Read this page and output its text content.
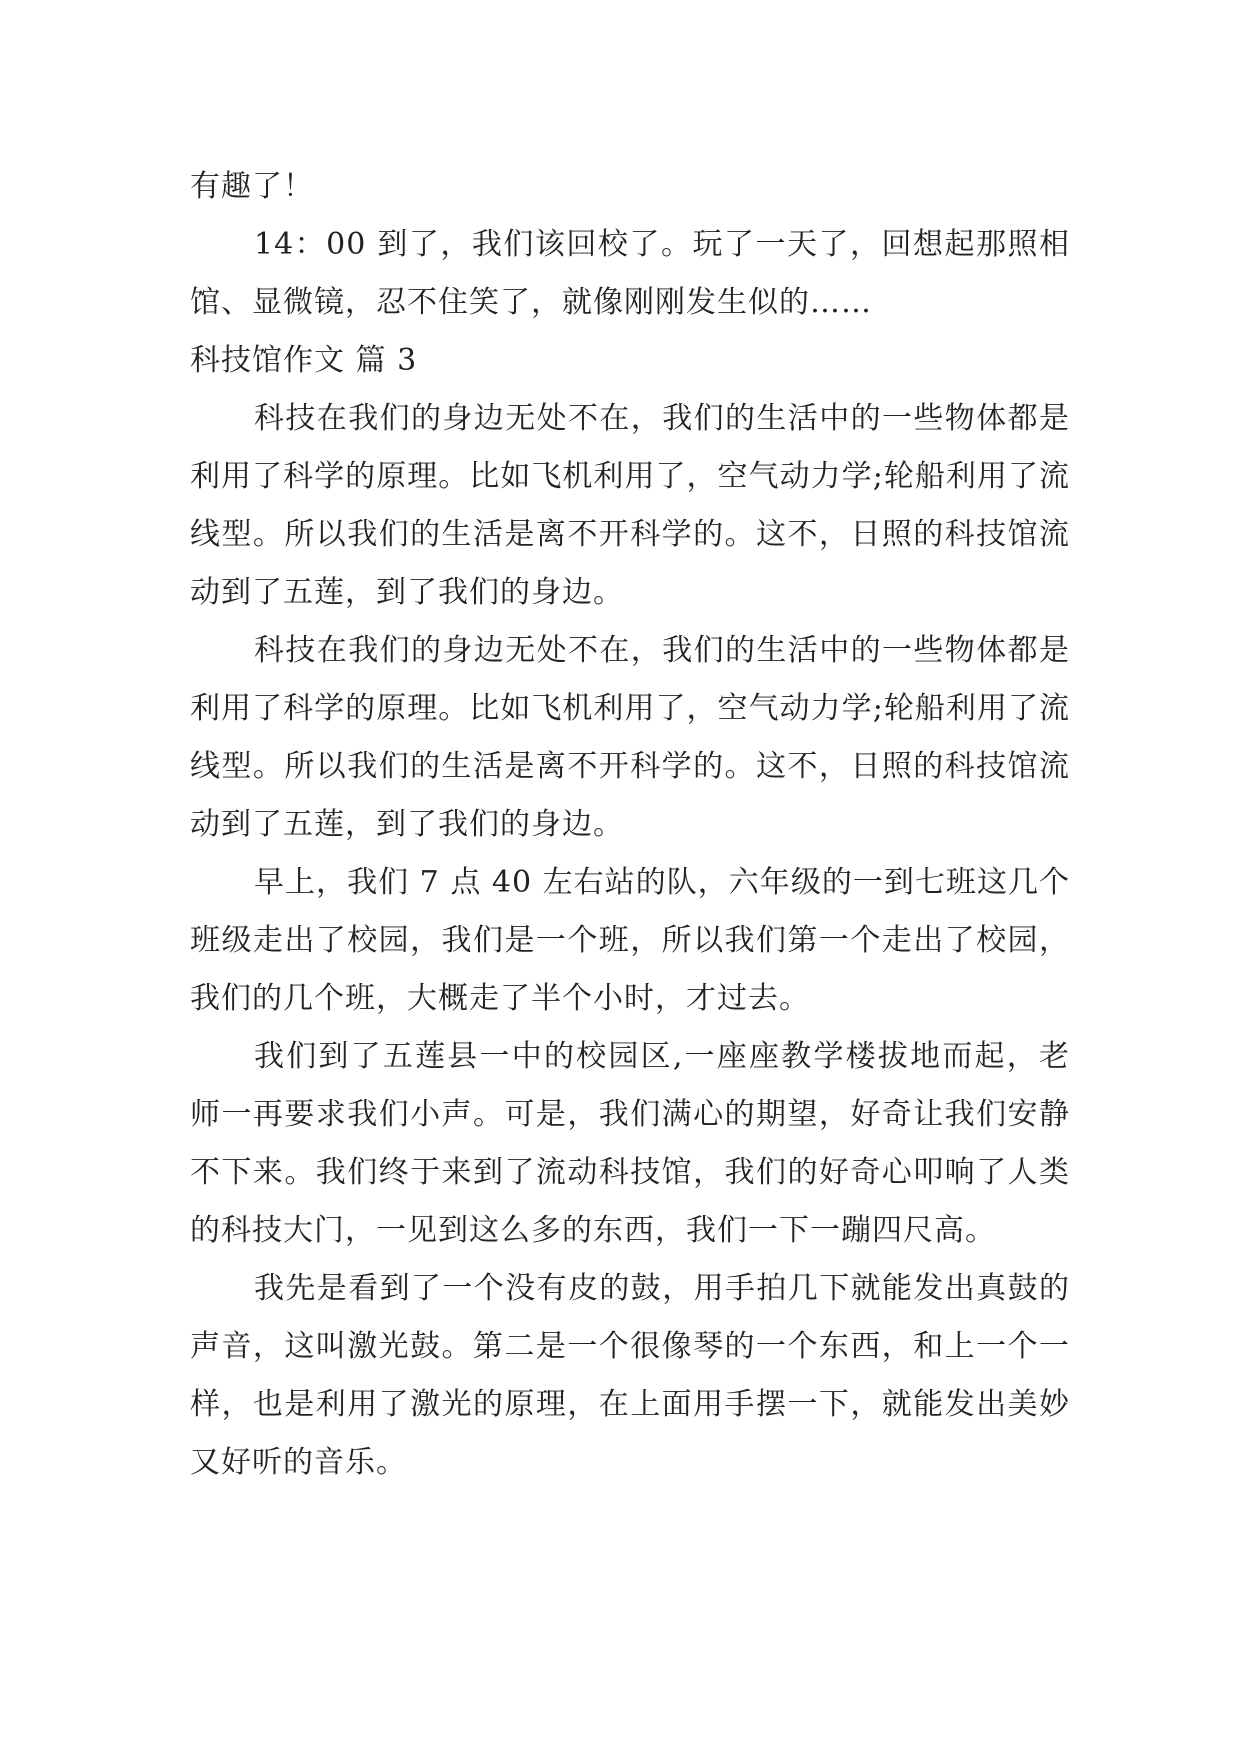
有趣了！

14：00 到了，我们该回校了。玩了一天了，回想起那照相馆、显微镜，忍不住笑了，就像刚刚发生似的……

科技馆作文 篇 3

科技在我们的身边无处不在，我们的生活中的一些物体都是利用了科学的原理。比如飞机利用了，空气动力学;轮船利用了流线型。所以我们的生活是离不开科学的。这不，日照的科技馆流动到了五莲，到了我们的身边。

科技在我们的身边无处不在，我们的生活中的一些物体都是利用了科学的原理。比如飞机利用了，空气动力学;轮船利用了流线型。所以我们的生活是离不开科学的。这不，日照的科技馆流动到了五莲，到了我们的身边。

早上，我们 7 点 40 左右站的队，六年级的一到七班这几个班级走出了校园，我们是一个班，所以我们第一个走出了校园，我们的几个班，大概走了半个小时，才过去。

我们到了五莲县一中的校园区,一座座教学楼拔地而起，老师一再要求我们小声。可是，我们满心的期望，好奇让我们安静不下来。我们终于来到了流动科技馆，我们的好奇心叩响了人类的科技大门，一见到这么多的东西，我们一下一蹦四尺高。

我先是看到了一个没有皮的鼓，用手拍几下就能发出真鼓的声音，这叫激光鼓。第二是一个很像琴的一个东西，和上一个一样，也是利用了激光的原理，在上面用手摆一下，就能发出美妙又好听的音乐。
